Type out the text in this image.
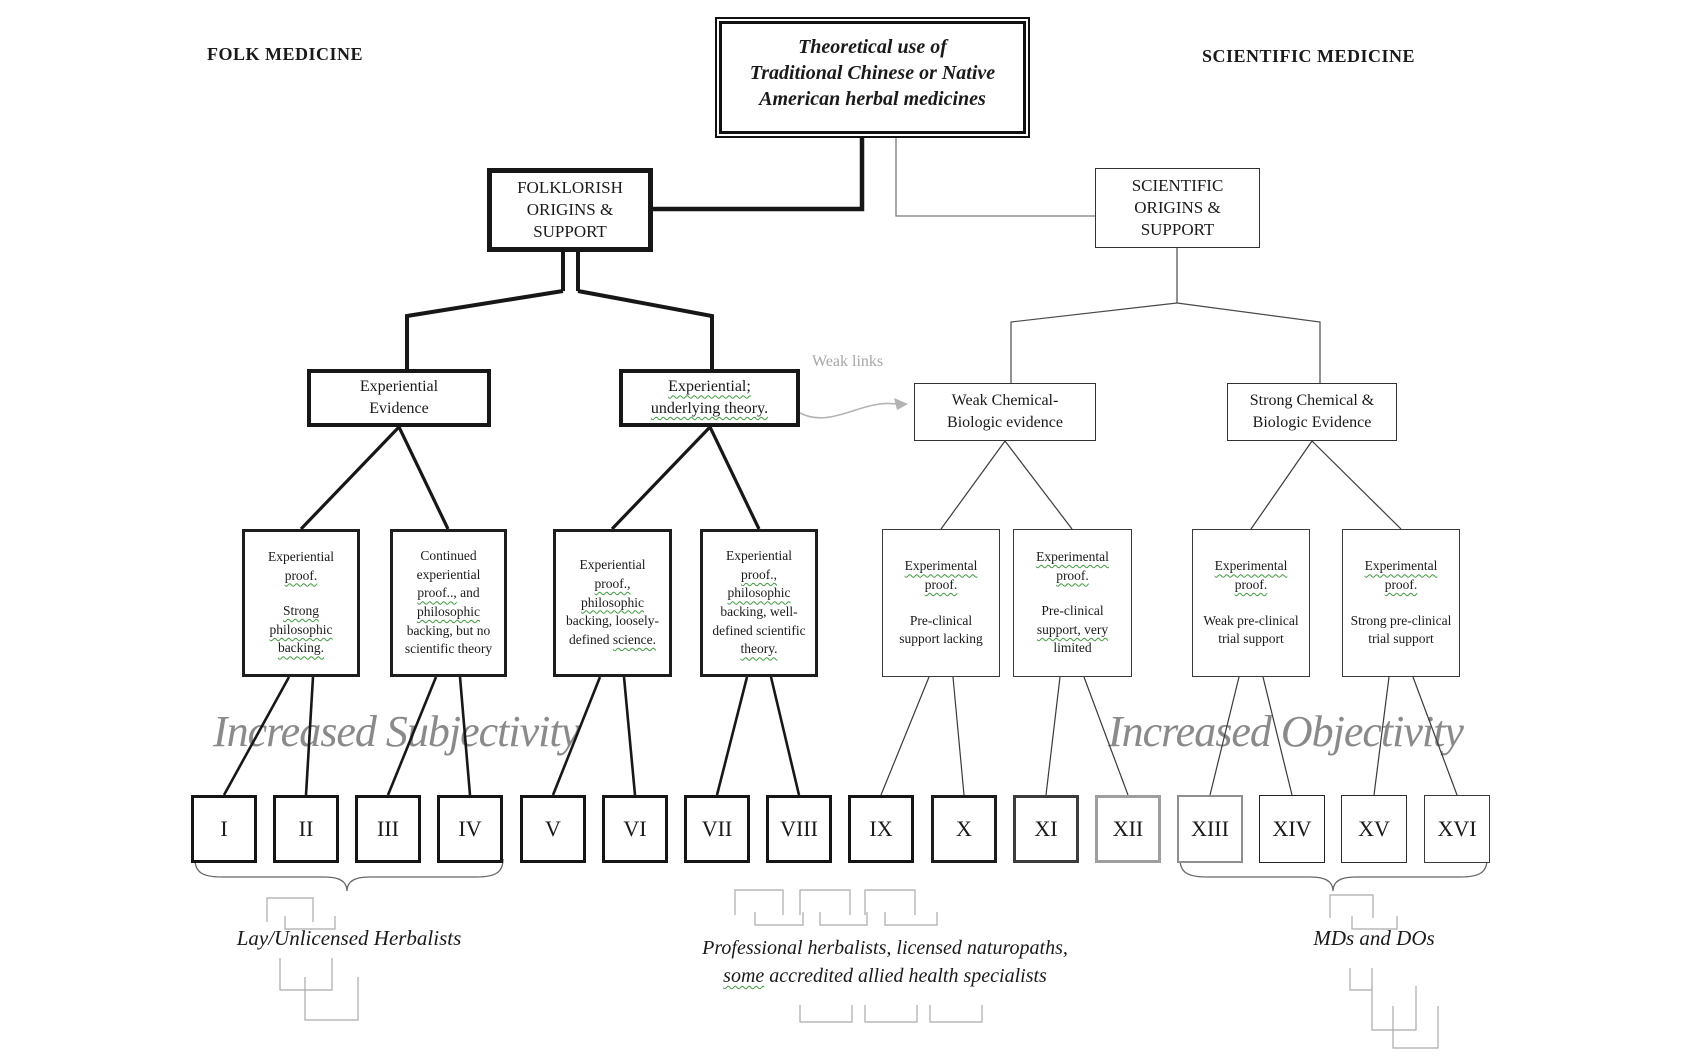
Increased Subjectivity	Increased Objectivity
FOLK MEDICINE	SCIENTIFIC MEDICINE
Theoretical use of
Traditional Chinese or Native
American herbal medicines
FOLKLORISH ORIGINS & SUPPORT
SCIENTIFIC ORIGINS & SUPPORT
Experiential
Evidence
Experiential;
underlying theory.	Weak Chemical-
Biologic evidence
Strong Chemical &
Biologic Evidence
Weak links
Experiential proof.
Strong philosophic backing.
Continued experiential proof.., and philosophic backing, but no scientific theory
Experiential proof., philosophic backing, loosely-defined science.
Experiential proof., philosophic backing, well-defined scientific theory.
Experimental proof.
Pre-clinical support lacking
Experimental proof.
Pre-clinical support, very limited
Experimental proof.
Weak pre-clinical trial support
Experimental proof.
Strong pre-clinical trial support
I	II	III	IV	V	VI	VII	VIII	IX	X	XI	XII	XIII	XIV	XV	XVI
Lay/Unlicensed Herbalists	Professional herbalists, licensed naturopaths,
some accredited allied health specialists
MDs and DOs
